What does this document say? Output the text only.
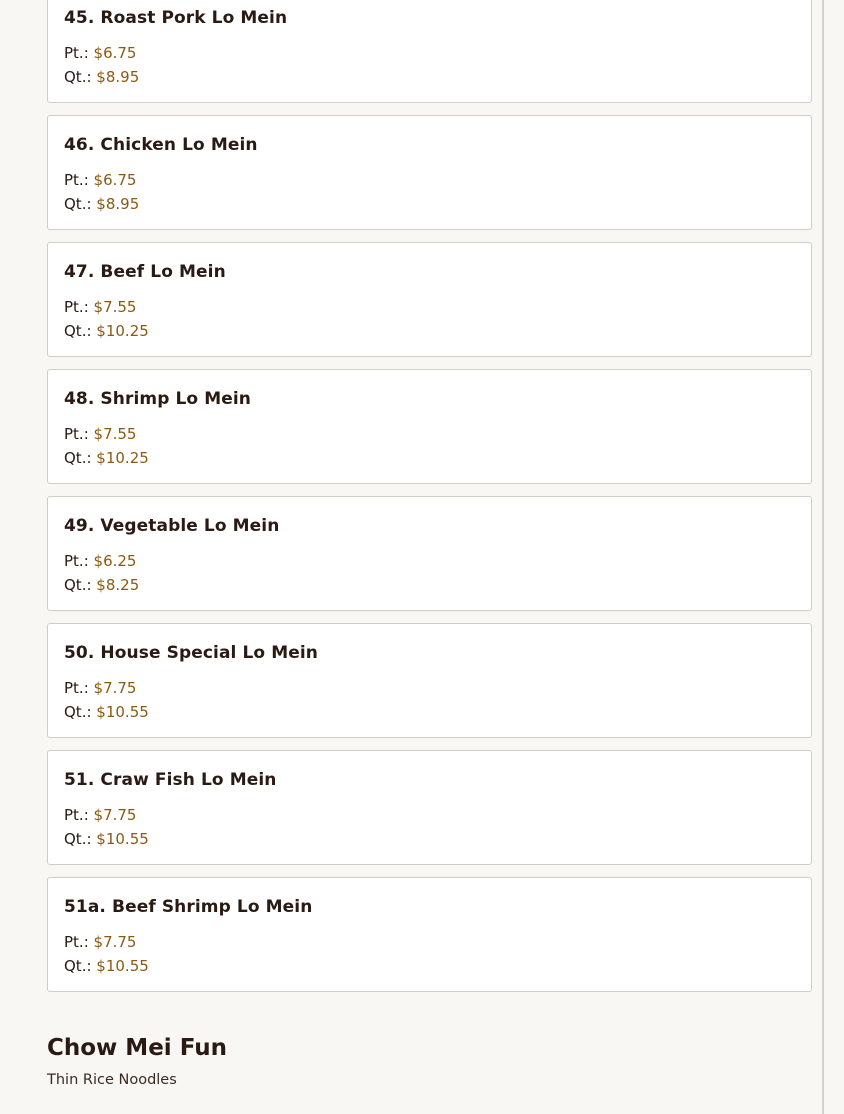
45. Roast Pork Lo Mein
Pt.: $6.75
Qt.: $8.95
46. Chicken Lo Mein
Pt.: $6.75
Qt.: $8.95
47. Beef Lo Mein
Pt.: $7.55
Qt.: $10.25
48. Shrimp Lo Mein
Pt.: $7.55
Qt.: $10.25
49. Vegetable Lo Mein
Pt.: $6.25
Qt.: $8.25
50. House Special Lo Mein
Pt.: $7.75
Qt.: $10.55
51. Craw Fish Lo Mein
Pt.: $7.75
Qt.: $10.55
51a. Beef Shrimp Lo Mein
Pt.: $7.75
Qt.: $10.55
Chow Mei Fun
Thin Rice Noodles
